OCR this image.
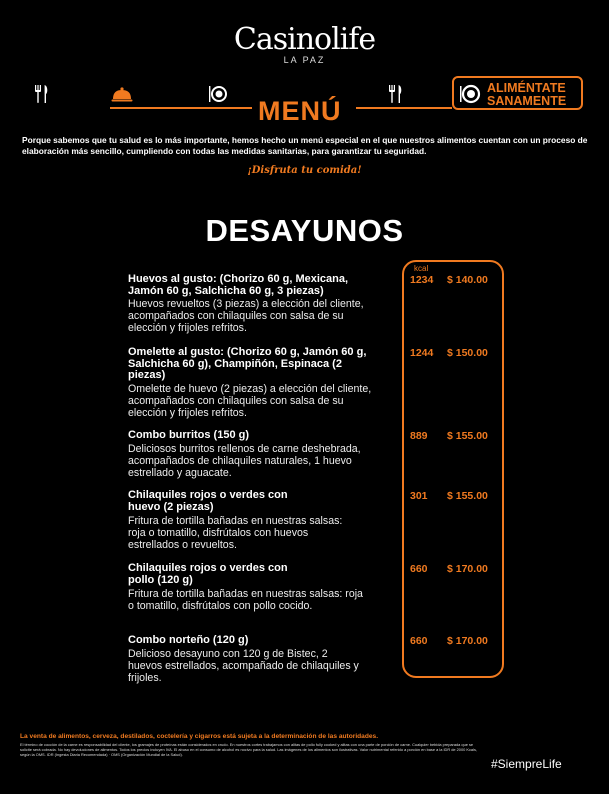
Casinolife
LA PAZ
MENÚ
ALIMÉNTATE
SANAMENTE
Porque sabemos que tu salud es lo más importante, hemos hecho un menú especial en el que nuestros alimentos cuentan con un proceso de elaboración más sencillo, cumpliendo con todas las medidas sanitarias, para garantizar tu seguridad.
¡Disfruta tu comida!
DESAYUNOS
kcal
Huevos al gusto: (Chorizo 60 g, Mexicana, Jamón 60 g, Salchicha 60 g, 3 piezas)
Huevos revueltos (3 piezas) a elección del cliente, acompañados con chilaquiles con salsa de su elección y frijoles refritos.
1234 $ 140.00
Omelette al gusto: (Chorizo 60 g, Jamón 60 g, Salchicha 60 g), Champiñón, Espinaca (2 piezas)
Omelette de huevo (2 piezas) a elección del cliente, acompañados con chilaquiles con salsa de su elección y frijoles refritos.
1244 $ 150.00
Combo burritos (150 g)
Deliciosos burritos rellenos de carne deshebrada, acompañados de chilaquiles naturales, 1 huevo estrellado y aguacate.
889 $ 155.00
Chilaquiles rojos o verdes con huevo (2 piezas)
Fritura de tortilla bañadas en nuestras salsas: roja o tomatillo, disfrútalos con huevos estrellados o revueltos.
301 $ 155.00
Chilaquiles rojos o verdes con pollo (120 g)
Fritura de tortilla bañadas en nuestras salsas: roja o tomatillo, disfrútalos con pollo cocido.
660 $ 170.00
Combo norteño (120 g)
Delicioso desayuno con 120 g de Bistec, 2 huevos estrellados, acompañado de chilaquiles y frijoles.
660 $ 170.00
La venta de alimentos, cerveza, destilados, coctelería y cigarros está sujeta a la determinación de las autoridades.
El término de cocción de la carne es responsabilidad del cliente, los gramajes de proteínas están considerados en crudo. En nuestros cortes trabajamos con alitas de pollo fully cooked y alitas con una parte de porción de carne. Cualquier bebida preparada que se solicite será cobrada. No hay devoluciones de alimentos. Todos los precios incluyen IVA. El abuso en el consumo de alcohol es nocivo para la salud. Las imágenes de los alimentos son ilustrativas. Valor nutrimental referido a porción en base a la IDR de 2000 Kcals, según la OMS. IDR (Ingesta Diaria Recomendada) · OMS (Organización Mundial de la Salud).
#SiempreLife
